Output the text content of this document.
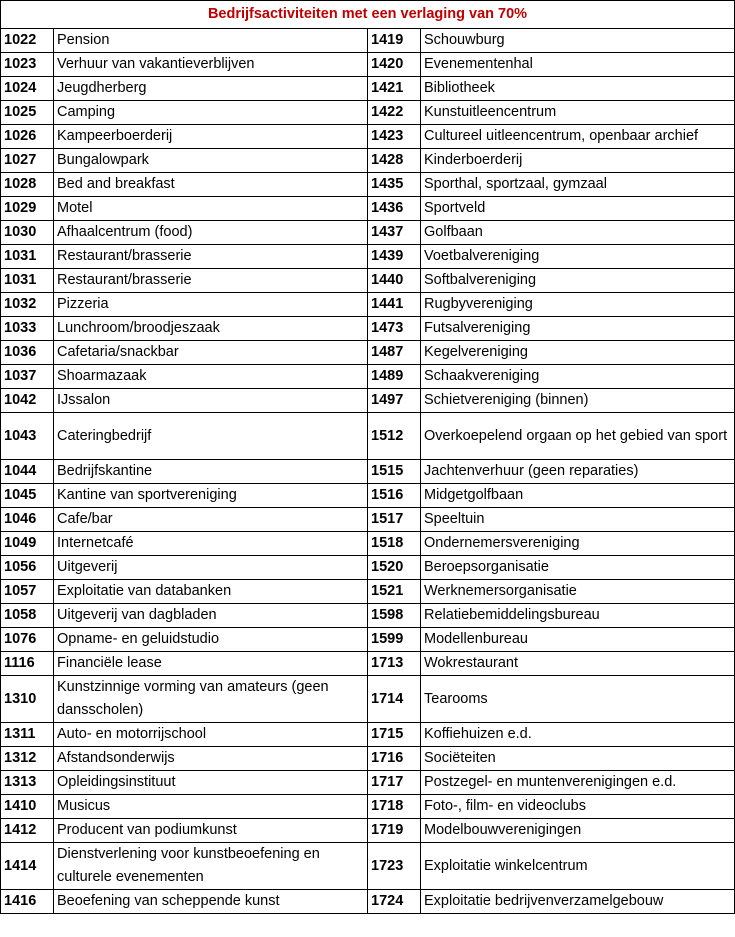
Bedrijfsactiviteiten met een verlaging van 70%			
1022	Pension	1419	Schouwburg
1023	Verhuur van vakantieverblijven	1420	Evenementenhal
1024	Jeugdherberg	1421	Bibliotheek
1025	Camping	1422	Kunstuitleencentrum
1026	Kampeerboerderij	1423	Cultureel uitleencentrum, openbaar archief
1027	Bungalowpark	1428	Kinderboerderij
1028	Bed and breakfast	1435	Sporthal, sportzaal, gymzaal
1029	Motel	1436	Sportveld
1030	Afhaalcentrum (food)	1437	Golfbaan
1031	Restaurant/brasserie	1439	Voetbalvereniging
1031	Restaurant/brasserie	1440	Softbalvereniging
1032	Pizzeria	1441	Rugbyvereniging
1033	Lunchroom/broodjeszaak	1473	Futsalvereniging
1036	Cafetaria/snackbar	1487	Kegelvereniging
1037	Shoarmazaak	1489	Schaakvereniging
1042	IJssalon	1497	Schietvereniging (binnen)
1043	Cateringbedrijf	1512	Overkoepelend orgaan op het gebied van sport
1044	Bedrijfskantine	1515	Jachtenverhuur (geen reparaties)
1045	Kantine van sportvereniging	1516	Midgetgolfbaan
1046	Cafe/bar	1517	Speeltuin
1049	Internetcafé	1518	Ondernemersvereniging
1056	Uitgeverij	1520	Beroepsorganisatie
1057	Exploitatie van databanken	1521	Werknemersorganisatie
1058	Uitgeverij van dagbladen	1598	Relatiebemiddelingsbureau
1076	Opname- en geluidstudio	1599	Modellenbureau
1116	Financiële lease	1713	Wokrestaurant
1310	Kunstzinnige vorming van amateurs (geen dansscholen)	1714	Tearooms
1311	Auto- en motorrijschool	1715	Koffiehuizen e.d.
1312	Afstandsonderwijs	1716	Sociëteiten
1313	Opleidingsinstituut	1717	Postzegel- en muntenverenigingen e.d.
1410	Musicus	1718	Foto-, film- en videoclubs
1412	Producent van podiumkunst	1719	Modelbouwverenigingen
1414	Dienstverlening voor kunstbeoefening en culturele evenementen	1723	Exploitatie winkelcentrum
1416	Beoefening van scheppende kunst	1724	Exploitatie bedrijvenverzamelgebouw
